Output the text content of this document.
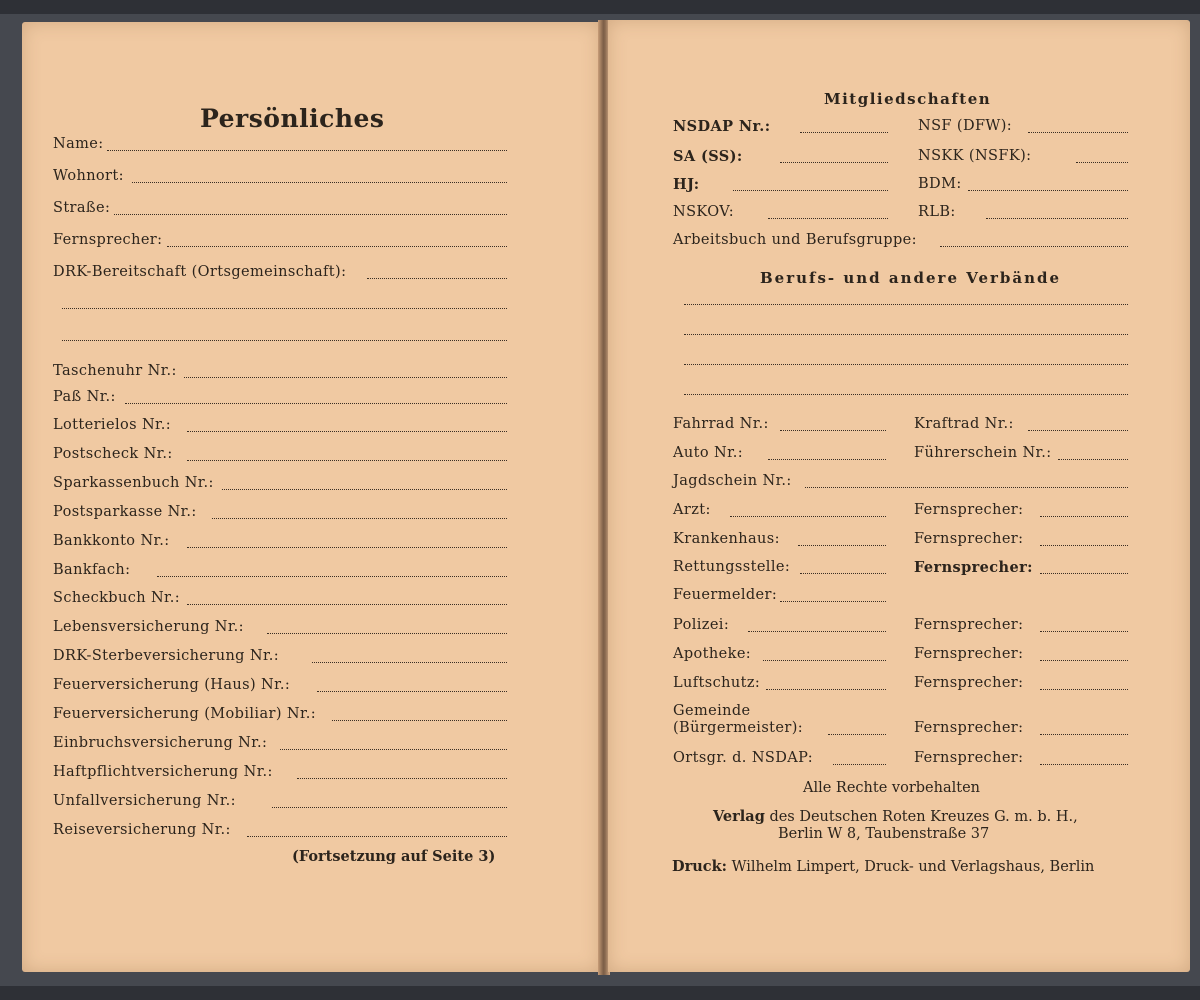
Persönliches
Name:
Wohnort:
Straße:
Fernsprecher:
DRK-Bereitschaft (Ortsgemeinschaft):
Taschenuhr Nr.:
Paß Nr.:
Lotterielos Nr.:
Postscheck Nr.:
Sparkassenbuch Nr.:
Postsparkasse Nr.:
Bankkonto Nr.:
Bankfach:
Scheckbuch Nr.:
Lebensversicherung Nr.:
DRK-Sterbeversicherung Nr.:
Feuerversicherung (Haus) Nr.:
Feuerversicherung (Mobiliar) Nr.:
Einbruchsversicherung Nr.:
Haftpflichtversicherung Nr.:
Unfallversicherung Nr.:
Reiseversicherung Nr.:
(Fortsetzung auf Seite 3)
Mitgliedschaften
NSDAP Nr.:	NSF (DFW):
SA (SS):	NSKK (NSFK):
HJ:	BDM:
NSKOV:	RLB:
Arbeitsbuch und Berufsgruppe:
Berufs- und andere Verbände
Fahrrad Nr.:	Kraftrad Nr.:
Auto Nr.:	Führerschein Nr.:
Jagdschein Nr.:
Arzt:	Fernsprecher:
Krankenhaus:	Fernsprecher:
Rettungsstelle:	Fernsprecher:
Feuermelder:
Polizei:	Fernsprecher:
Apotheke:	Fernsprecher:
Luftschutz:	Fernsprecher:
Gemeinde
(Bürgermeister):	Fernsprecher:
Ortsgr. d. NSDAP:	Fernsprecher:
Alle Rechte vorbehalten
Verlag des Deutschen Roten Kreuzes G. m. b. H.,
Berlin W 8, Taubenstraße 37
Druck: Wilhelm Limpert, Druck- und Verlagshaus, Berlin
